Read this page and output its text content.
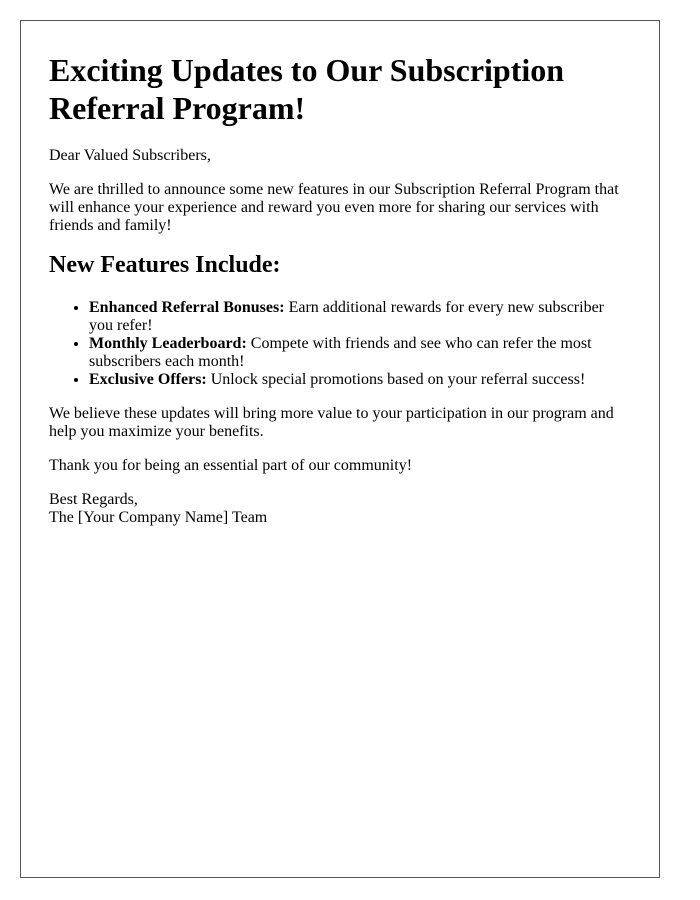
Exciting Updates to Our Subscription Referral Program!

Dear Valued Subscribers,

We are thrilled to announce some new features in our Subscription Referral Program that will enhance your experience and reward you even more for sharing our services with friends and family!

New Features Include:
• Enhanced Referral Bonuses: Earn additional rewards for every new subscriber you refer!
• Monthly Leaderboard: Compete with friends and see who can refer the most subscribers each month!
• Exclusive Offers: Unlock special promotions based on your referral success!

We believe these updates will bring more value to your participation in our program and help you maximize your benefits.

Thank you for being an essential part of our community!

Best Regards,

The [Your Company Name] Team
